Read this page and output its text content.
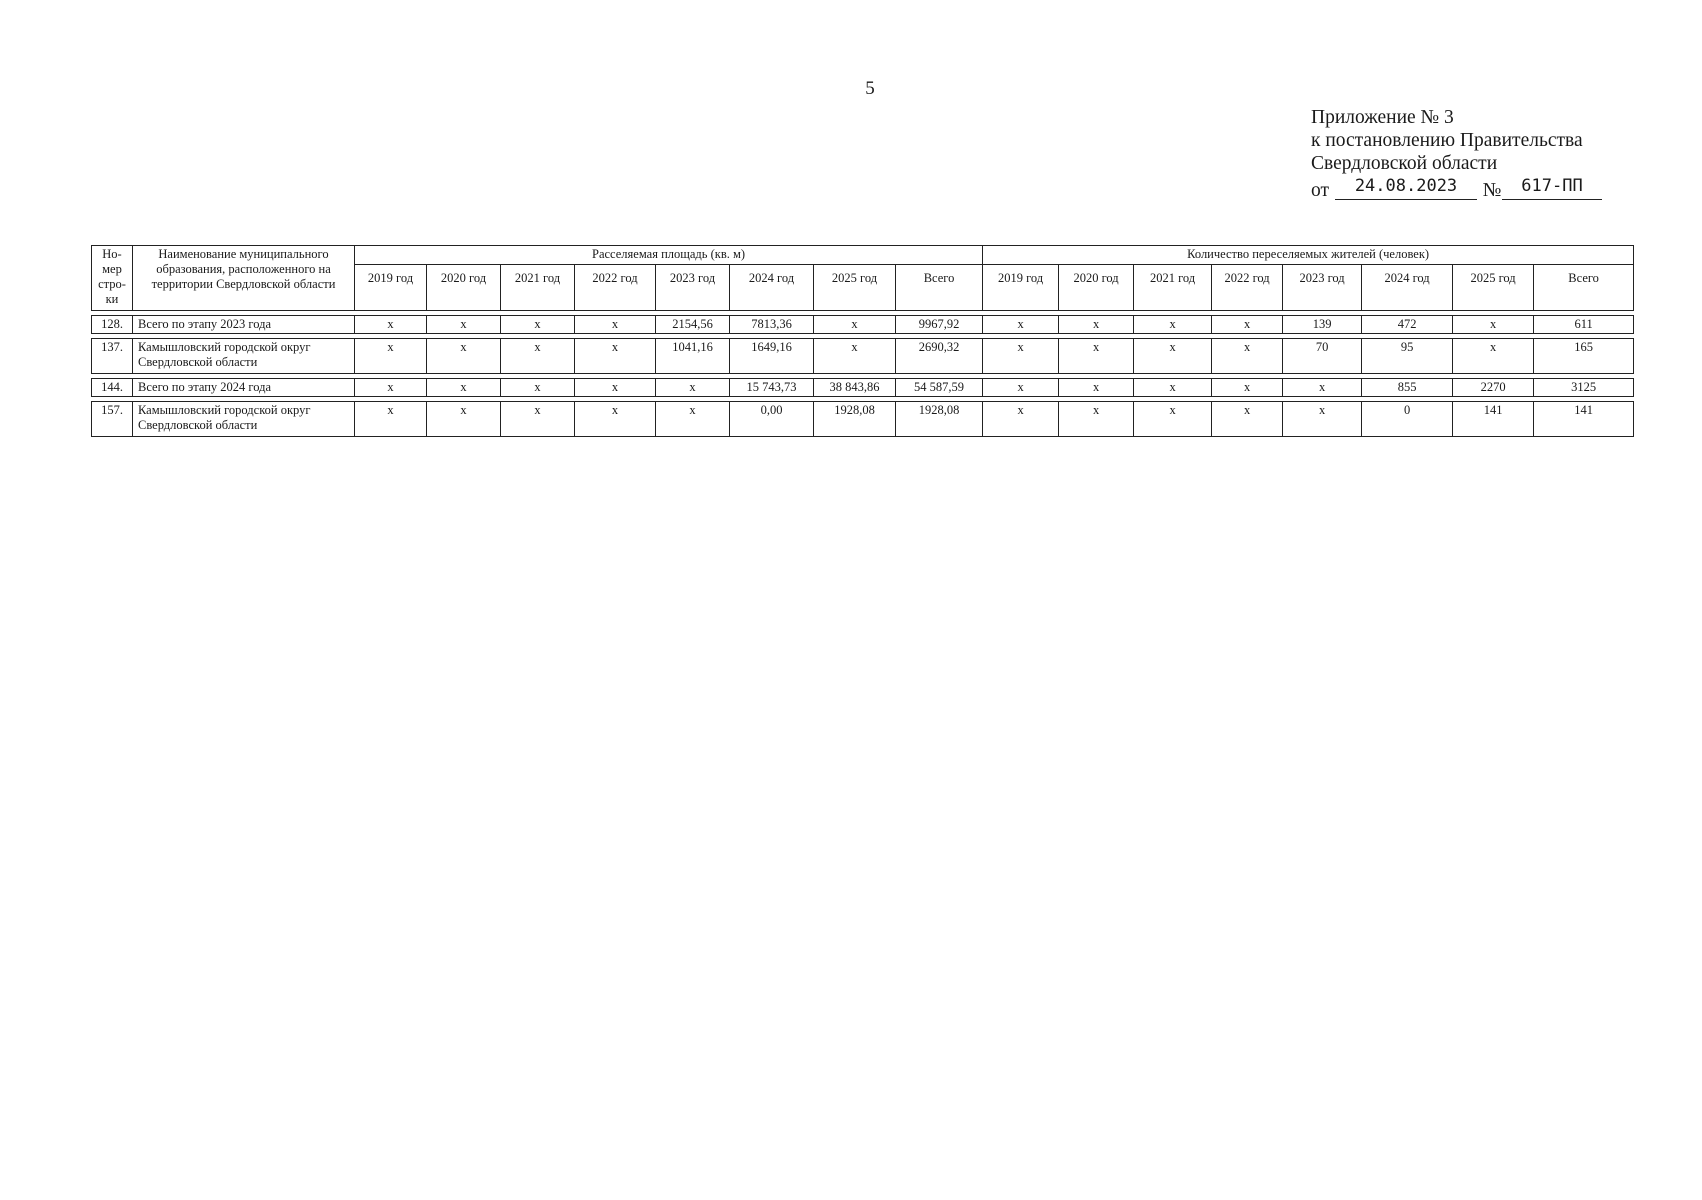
5
Приложение № 3
к постановлению Правительства
Свердловской области
от	24.08.2023	№	617-ПП
Но-мер стро-ки	Наименование муниципального образования, расположенного на территории Свердловской области	Расселяемая площадь (кв. м)								Количество переселяемых жителей (человек)							
		2019 год	2020 год	2021 год	2022 год	2023 год	2024 год	2025 год	Всего	2019 год	2020 год	2021 год	2022 год	2023 год	2024 год	2025 год	Всего

128.	Всего по этапу 2023 года	х	х	х	х	2154,56	7813,36	х	9967,92	х	х	х	х	139	472	х	611

137.	Камышловский городской округ Свердловской области	х	х	х	х	1041,16	1649,16	х	2690,32	х	х	х	х	70	95	х	165

144.	Всего по этапу 2024 года	х	х	х	х	х	15 743,73	38 843,86	54 587,59	х	х	х	х	х	855	2270	3125

157.	Камышловский городской округ Свердловской области	х	х	х	х	х	0,00	1928,08	1928,08	х	х	х	х	х	0	141	141
